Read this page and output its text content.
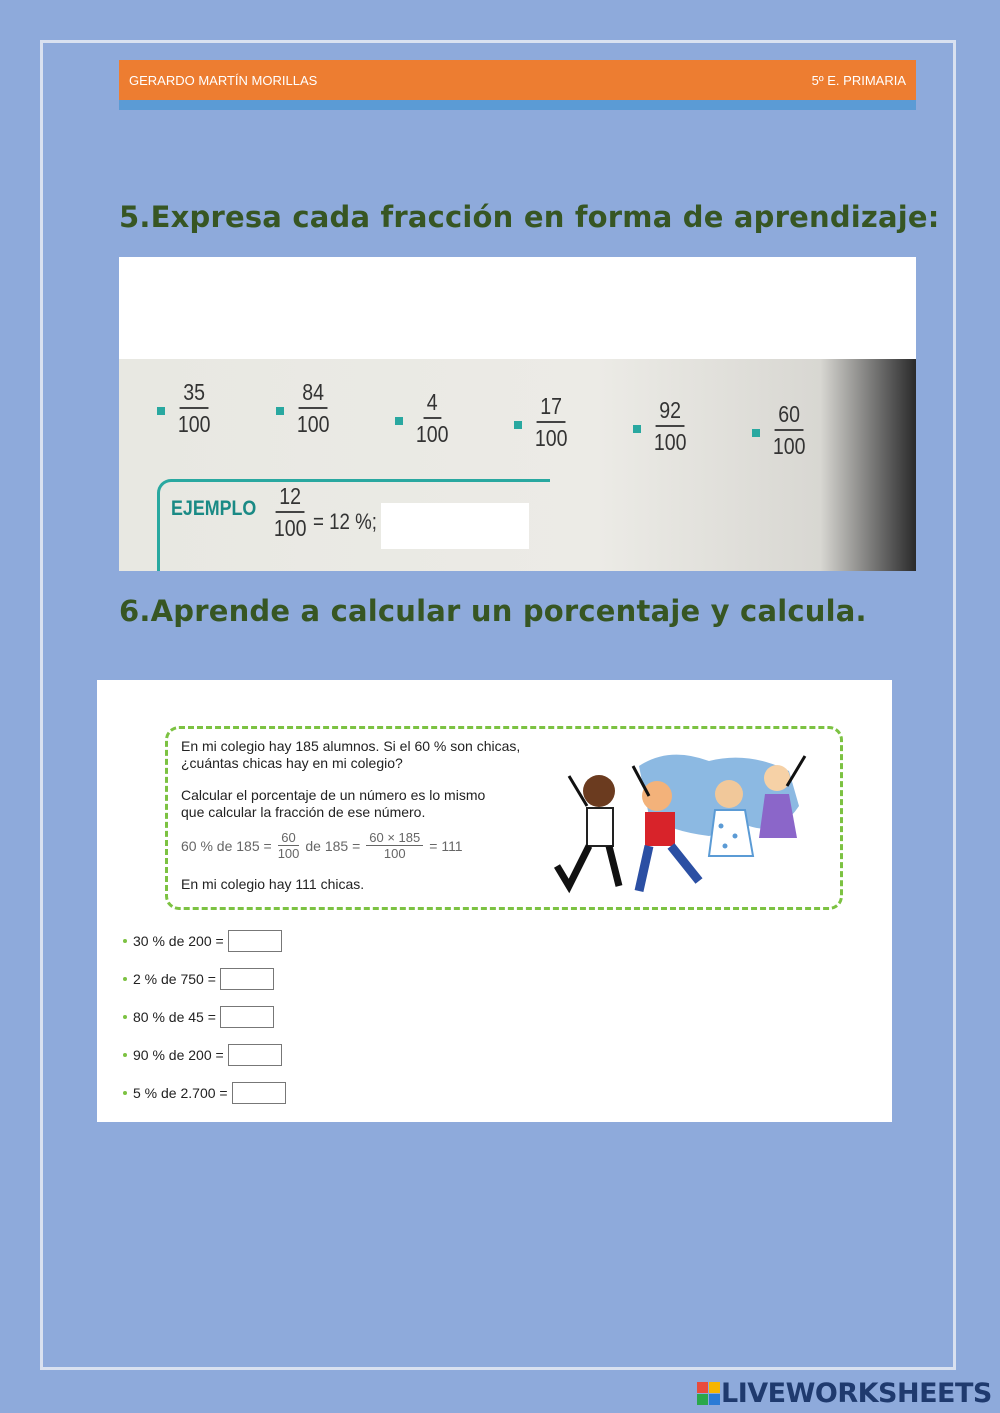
GERARDO MARTÍN MORILLAS	5º E. PRIMARIA
5.Expresa cada fracción en forma de aprendizaje:
$\frac{35}{100}$	$\frac{84}{100}$	$\frac{4}{100}$	$\frac{17}{100}$	$\frac{92}{100}$	$\frac{60}{100}$
EJEMPLO 12
100 = 12 %;
6.Aprende a calcular un porcentaje y calcula.
En mi colegio hay 185 alumnos. Si el 60 % son chicas,
¿cuántas chicas hay en mi colegio?
Calcular el porcentaje de un número es lo mismo
que calcular la fracción de ese número.
60 % de $185 = \frac{60}{100}$ de $185 = \frac{60 \times 185}{100} = 111$
En mi colegio hay 111 chicas.
30 % de 200 =
2 % de 750 =
80 % de 45 =
90 % de 200 =
5 % de 2.700 =
LIVEWORKSHEETS
